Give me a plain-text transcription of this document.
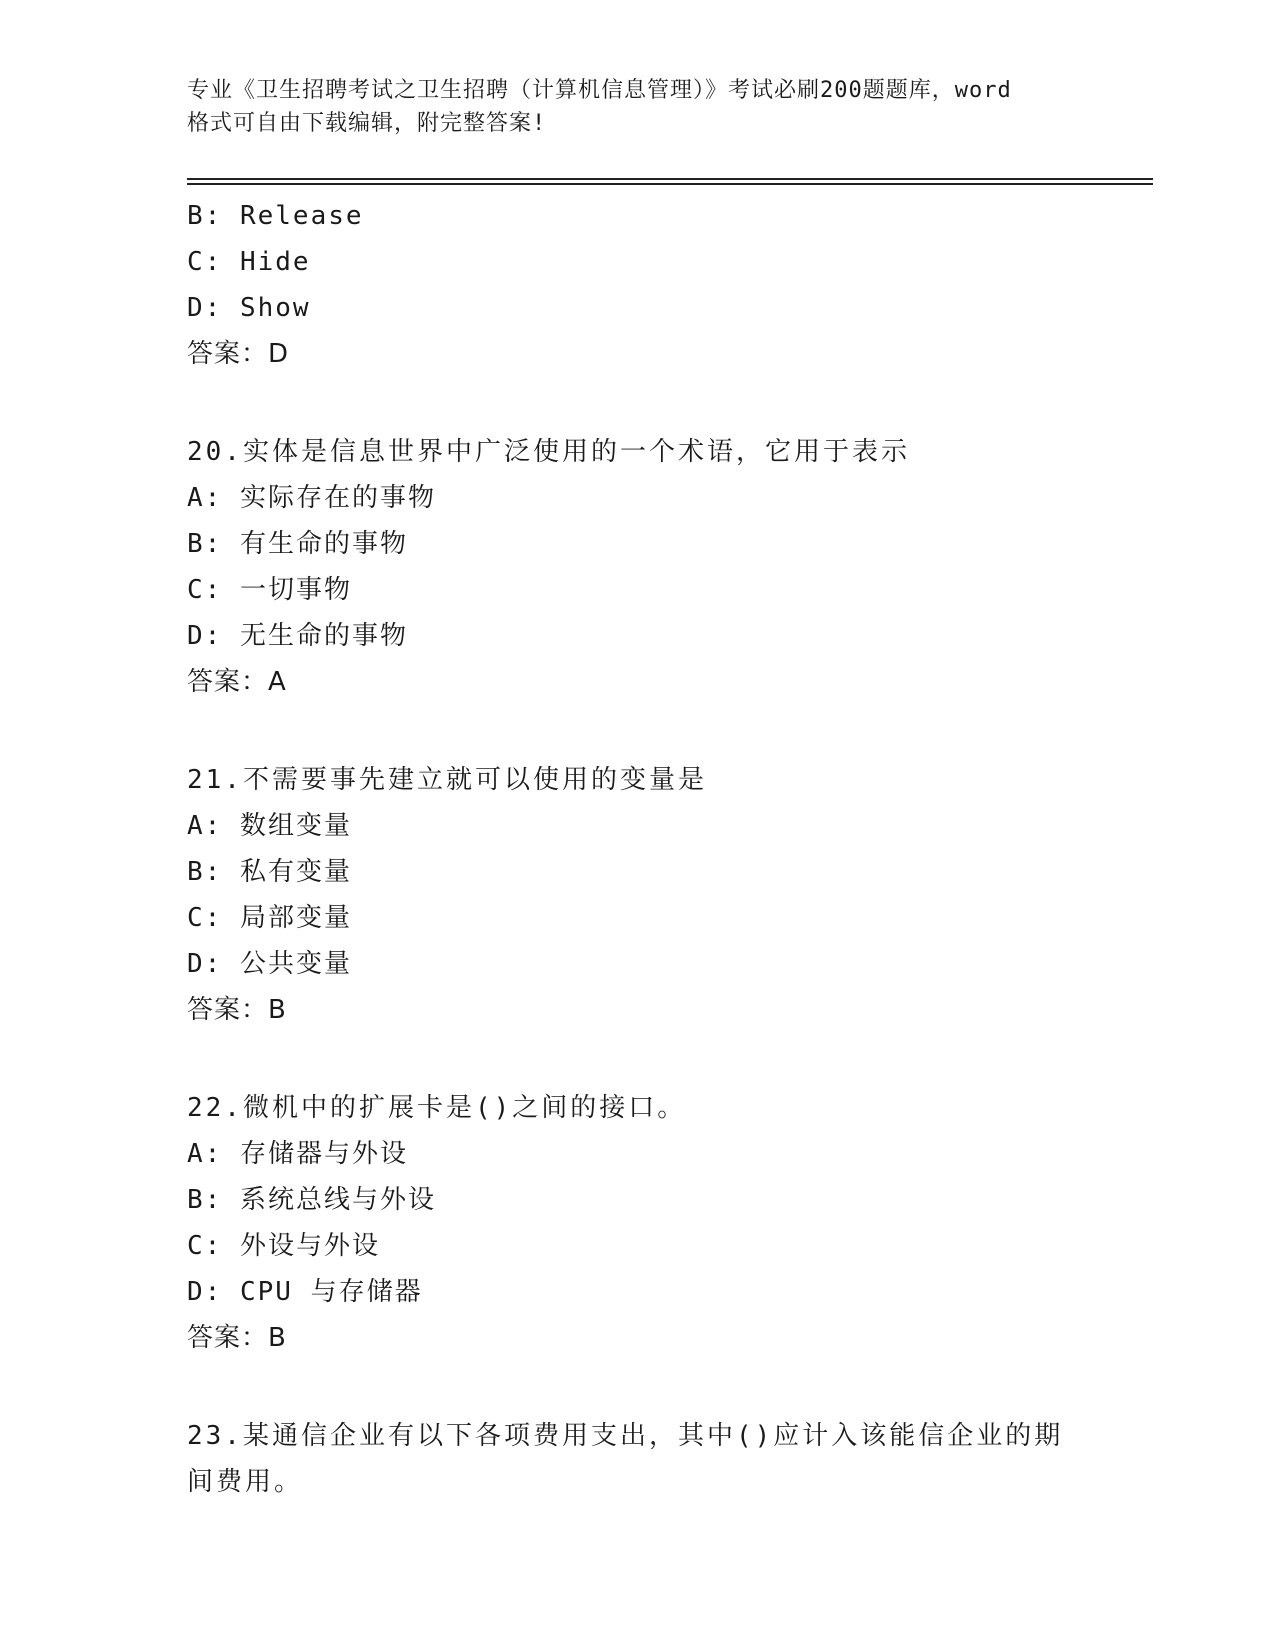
专业《卫生招聘考试之卫生招聘（计算机信息管理）》考试必刷200题题库，word
格式可自由下载编辑，附完整答案!
B: Release
C: Hide
D: Show
答案：D
20.实体是信息世界中广泛使用的一个术语，它用于表示
A: 实际存在的事物
B: 有生命的事物
C: 一切事物
D: 无生命的事物
答案：A
21.不需要事先建立就可以使用的变量是
A: 数组变量
B: 私有变量
C: 局部变量
D: 公共变量
答案：B
22.微机中的扩展卡是()之间的接口。
A: 存储器与外设
B: 系统总线与外设
C: 外设与外设
D: CPU 与存储器
答案：B
23.某通信企业有以下各项费用支出，其中()应计入该能信企业的期间费用。
